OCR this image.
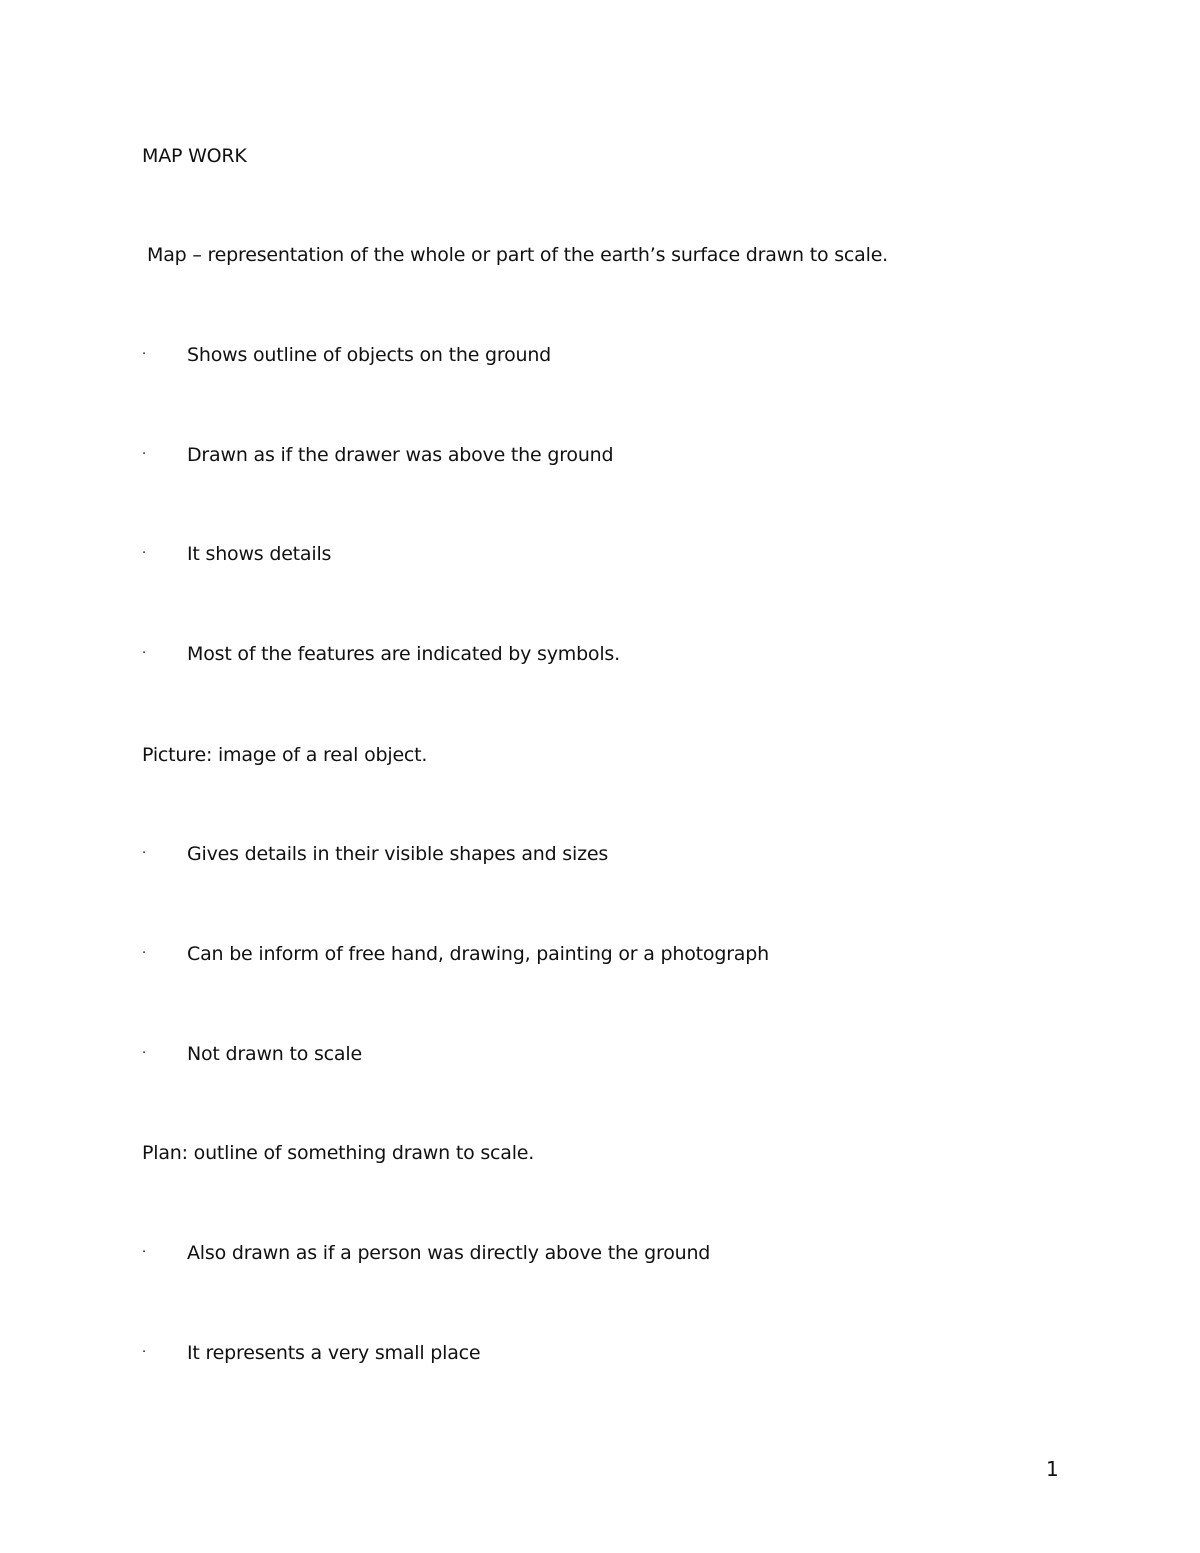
MAP WORK
Map – representation of the whole or part of the earth’s surface drawn to scale.
·	Shows outline of objects on the ground
·	Drawn as if the drawer was above the ground
·	It shows details
·	Most of the features are indicated by symbols.
Picture: image of a real object.
·	Gives details in their visible shapes and sizes
·	Can be inform of free hand, drawing, painting or a photograph
·	Not drawn to scale
Plan: outline of something drawn to scale.
·	Also drawn as if a person was directly above the ground
·	It represents a very small place
1
